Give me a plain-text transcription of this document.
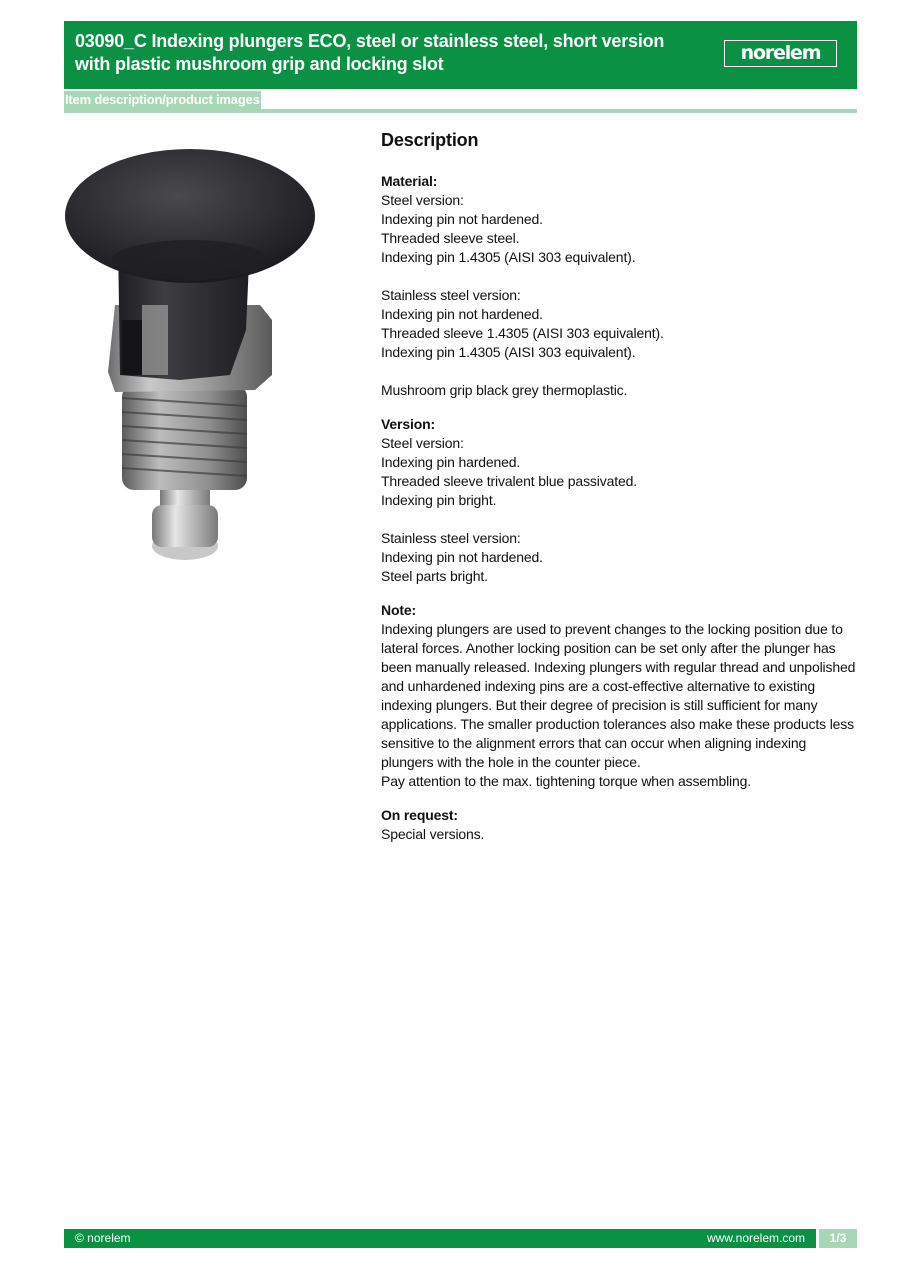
03090_C Indexing plungers ECO, steel or stainless steel, short version with plastic mushroom grip and locking slot	norelem
Item description/product images
Description
Material:
Steel version:
Indexing pin not hardened.
Threaded sleeve steel.
Indexing pin 1.4305 (AISI 303 equivalent).
Stainless steel version:
Indexing pin not hardened.
Threaded sleeve 1.4305 (AISI 303 equivalent).
Indexing pin 1.4305 (AISI 303 equivalent).
Mushroom grip black grey thermoplastic.
Version:
Steel version:
Indexing pin hardened.
Threaded sleeve trivalent blue passivated.
Indexing pin bright.
Stainless steel version:
Indexing pin not hardened.
Steel parts bright.
Note:
Indexing plungers are used to prevent changes to the locking position due to lateral forces. Another locking position can be set only after the plunger has been manually released. Indexing plungers with regular thread and unpolished and unhardened indexing pins are a cost-effective alternative to existing indexing plungers. But their degree of precision is still sufficient for many applications. The smaller production tolerances also make these products less sensitive to the alignment errors that can occur when aligning indexing plungers with the hole in the counter piece.
Pay attention to the max. tightening torque when assembling.
On request:
Special versions.
© norelem	www.norelem.com	1/3
